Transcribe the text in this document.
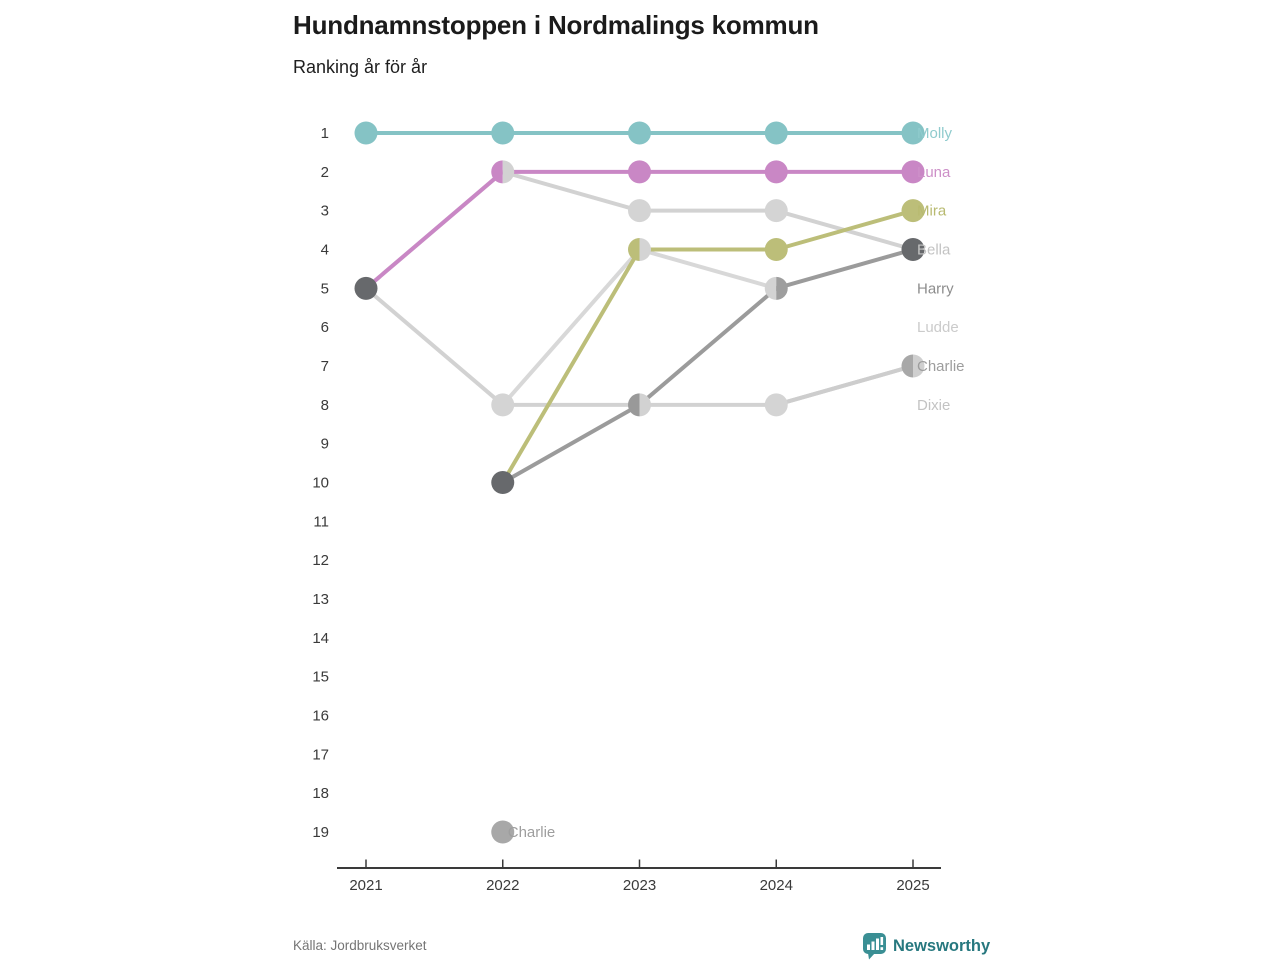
Hundnamnstoppen i Nordmalings kommun
Ranking år för år
1
2
3
4
5
6
7
8
9
10
11
12
13
14
15
16
17
18
19
2021	2022	2023	2024	2025
Charlie
Molly
Luna
Mira
Bella
Harry
Ludde
Charlie
Dixie
Källa: Jordbruksverket	Newsworthy
